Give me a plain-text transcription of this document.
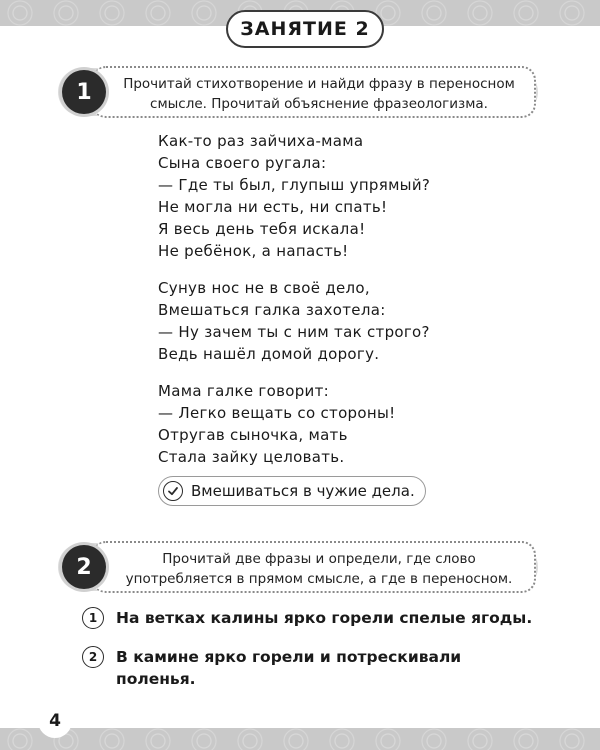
ЗАНЯТИЕ 2
Прочитай стихотворение и найди фразу в переносном
смысле. Прочитай объяснение фразеологизма.
1
Как-то раз зайчиха-мама
Сына своего ругала:
— Где ты был, глупыш упрямый?
Не могла ни есть, ни спать!
Я весь день тебя искала!
Не ребёнок, а напасть!
Сунув нос не в своё дело,
Вмешаться галка захотела:
— Ну зачем ты с ним так строго?
Ведь нашёл домой дорогу.
Мама галке говорит:
— Легко вещать со стороны!
Отругав сыночка, мать
Стала зайку целовать.
Вмешиваться в чужие дела.
Прочитай две фразы и определи, где слово
употребляется в прямом смысле, а где в переносном.
2
1	На ветках калины ярко горели спелые ягоды.
2	В камине ярко горели и потрескивали поленья.
4
